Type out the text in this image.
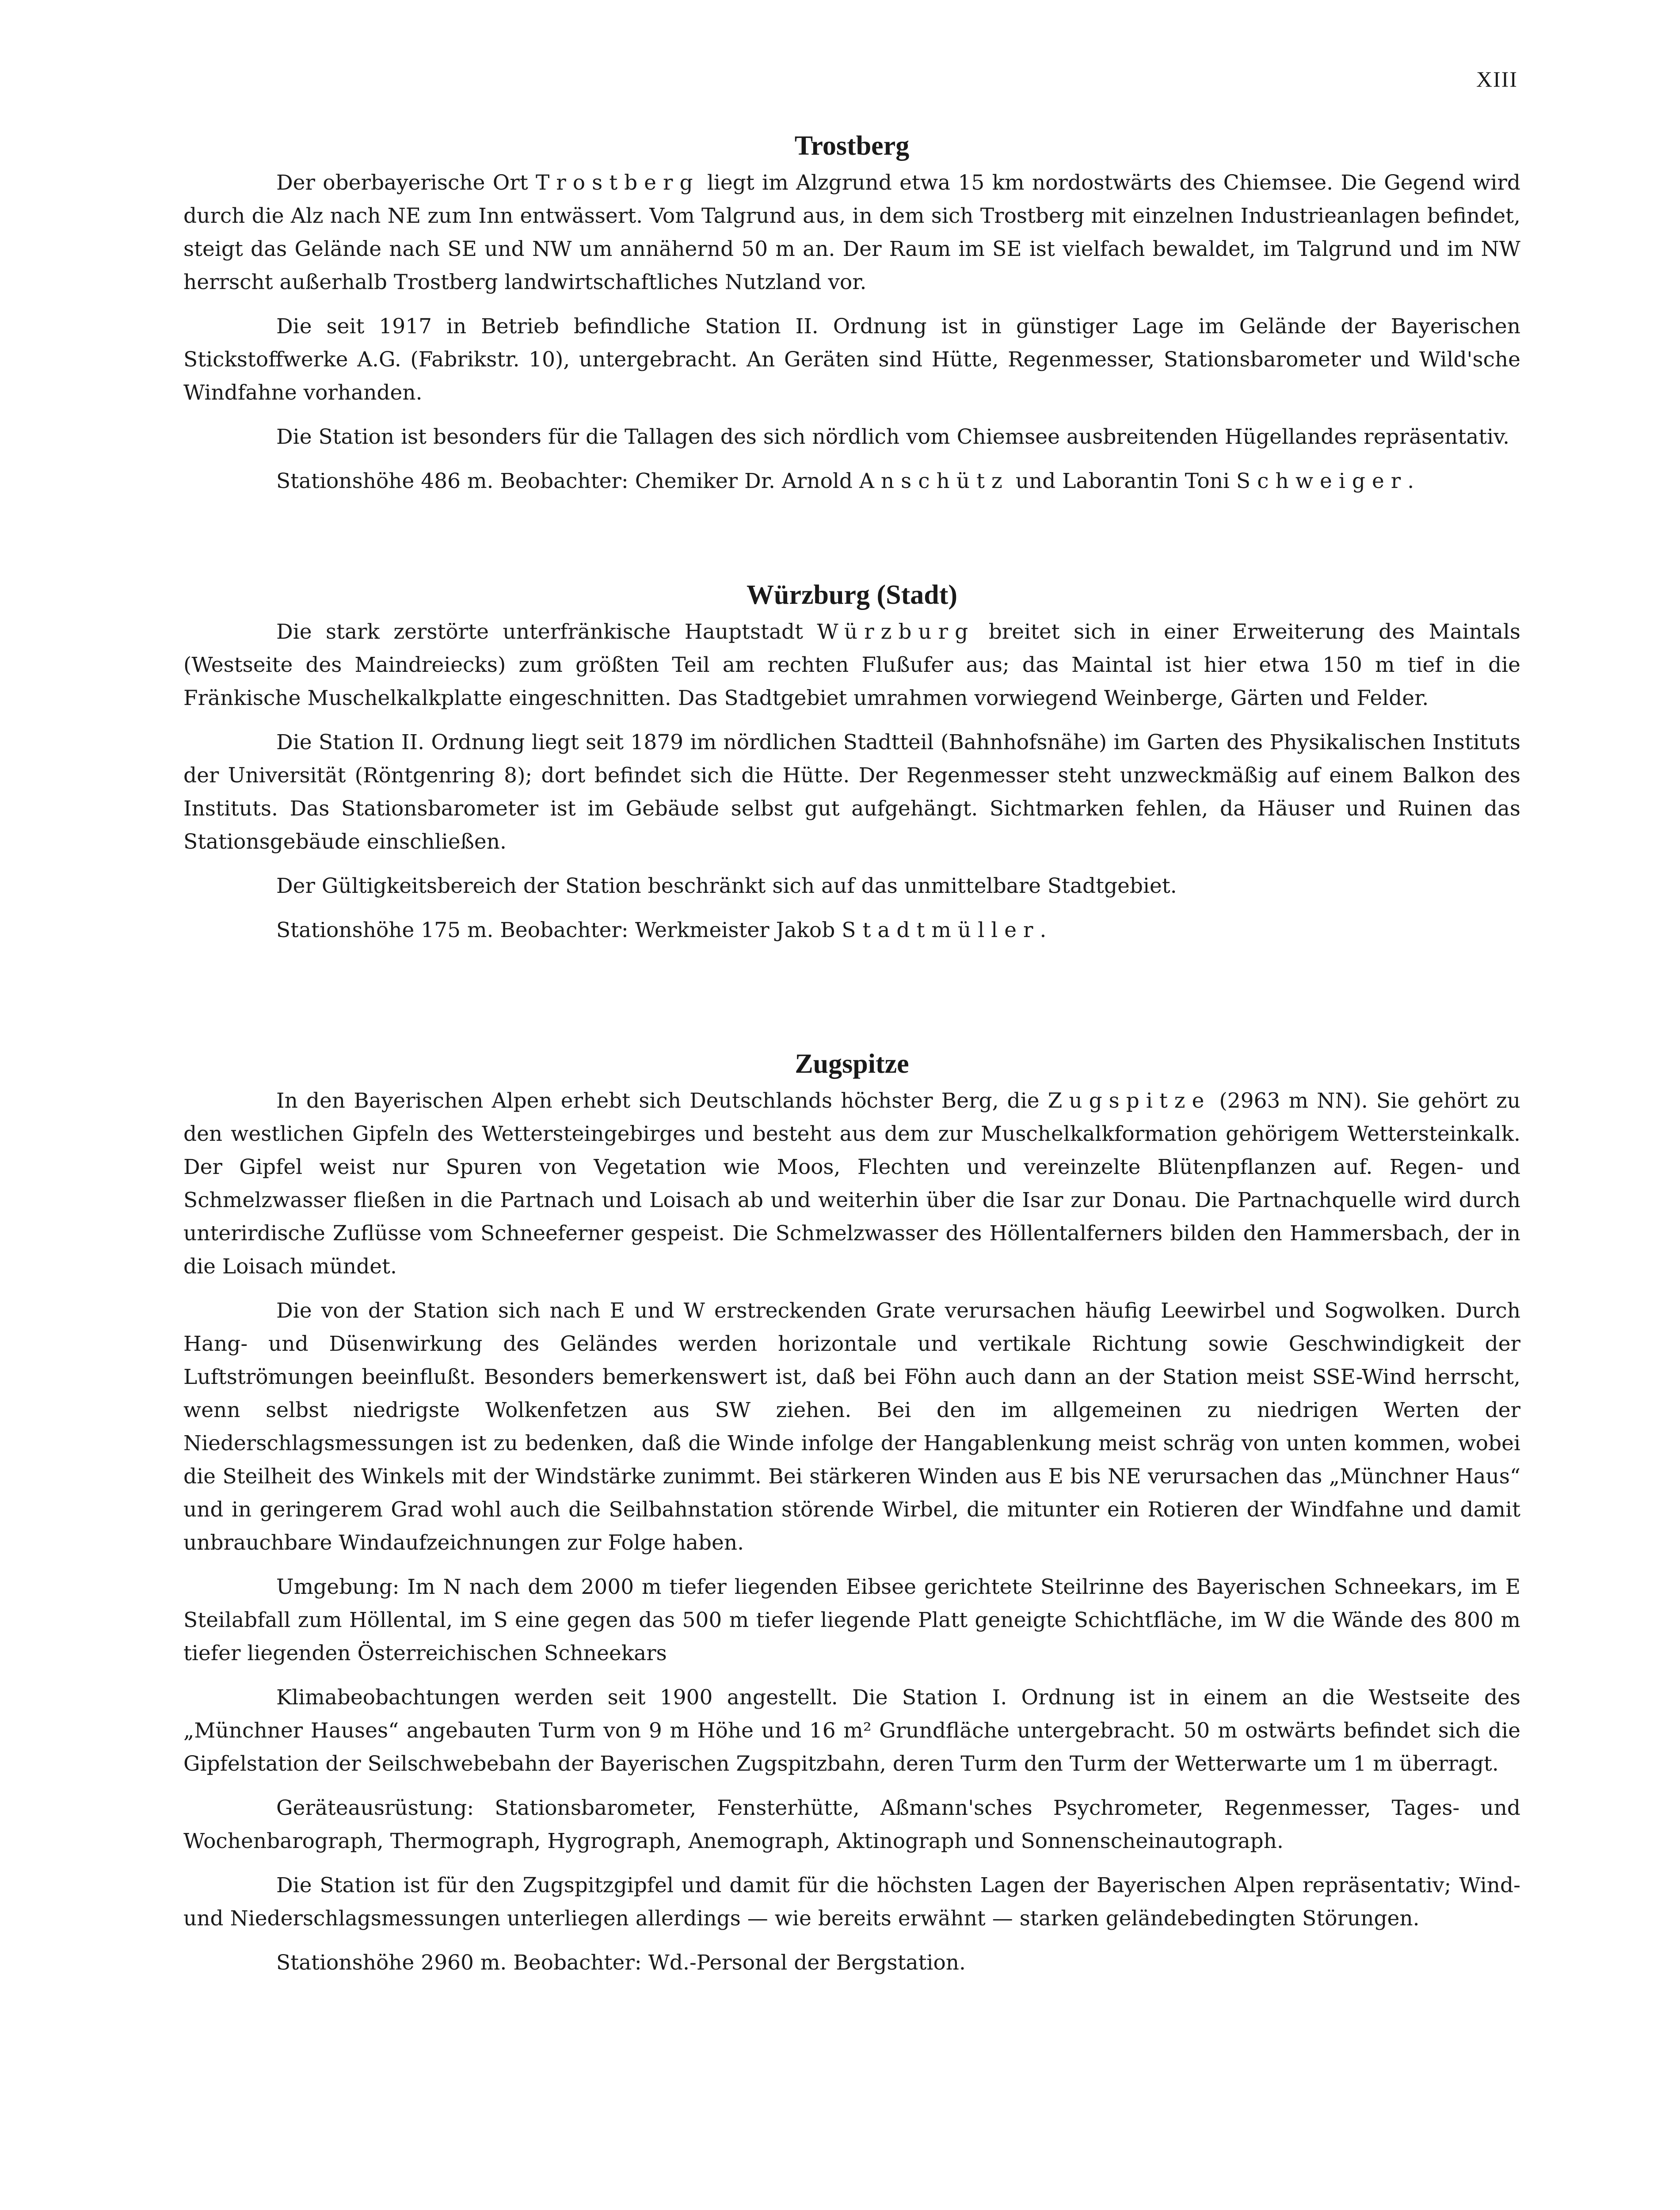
XIII
Trostberg

Der oberbayerische Ort Trostberg liegt im Alzgrund etwa 15 km nordostwärts des Chiemsee. Die Gegend wird durch die Alz nach NE zum Inn entwässert. Vom Talgrund aus, in dem sich Trostberg mit einzelnen Industrieanlagen befindet, steigt das Gelände nach SE und NW um annähernd 50 m an. Der Raum im SE ist vielfach bewaldet, im Talgrund und im NW herrscht außerhalb Trostberg landwirtschaftliches Nutzland vor.

Die seit 1917 in Betrieb befindliche Station II. Ordnung ist in günstiger Lage im Gelände der Bayerischen Stickstoffwerke A.G. (Fabrikstr. 10), untergebracht. An Geräten sind Hütte, Regenmesser, Stationsbarometer und Wild'sche Windfahne vorhanden.

Die Station ist besonders für die Tallagen des sich nördlich vom Chiemsee ausbreitenden Hügellandes repräsentativ.

Stationshöhe 486 m. Beobachter: Chemiker Dr. Arnold Anschütz und Laborantin Toni Schweiger.

Würzburg (Stadt)

Die stark zerstörte unterfränkische Hauptstadt Würzburg breitet sich in einer Erweiterung des Maintals (Westseite des Maindreiecks) zum größten Teil am rechten Flußufer aus; das Maintal ist hier etwa 150 m tief in die Fränkische Muschelkalkplatte eingeschnitten. Das Stadtgebiet umrahmen vorwiegend Weinberge, Gärten und Felder.

Die Station II. Ordnung liegt seit 1879 im nördlichen Stadtteil (Bahnhofsnähe) im Garten des Physikalischen Instituts der Universität (Röntgenring 8); dort befindet sich die Hütte. Der Regenmesser steht unzweckmäßig auf einem Balkon des Instituts. Das Stationsbarometer ist im Gebäude selbst gut aufgehängt. Sichtmarken fehlen, da Häuser und Ruinen das Stationsgebäude einschließen.

Der Gültigkeitsbereich der Station beschränkt sich auf das unmittelbare Stadtgebiet.

Stationshöhe 175 m. Beobachter: Werkmeister Jakob Stadtmüller.

Zugspitze

In den Bayerischen Alpen erhebt sich Deutschlands höchster Berg, die Zugspitze (2963 m NN). Sie gehört zu den westlichen Gipfeln des Wettersteingebirges und besteht aus dem zur Muschelkalkformation gehörigem Wettersteinkalk. Der Gipfel weist nur Spuren von Vegetation wie Moos, Flechten und vereinzelte Blütenpflanzen auf. Regen- und Schmelzwasser fließen in die Partnach und Loisach ab und weiterhin über die Isar zur Donau. Die Partnachquelle wird durch unterirdische Zuflüsse vom Schneeferner gespeist. Die Schmelzwasser des Höllentalferners bilden den Hammersbach, der in die Loisach mündet.

Die von der Station sich nach E und W erstreckenden Grate verursachen häufig Leewirbel und Sogwolken. Durch Hang- und Düsenwirkung des Geländes werden horizontale und vertikale Richtung sowie Geschwindigkeit der Luftströmungen beeinflußt. Besonders bemerkenswert ist, daß bei Föhn auch dann an der Station meist SSE-Wind herrscht, wenn selbst niedrigste Wolkenfetzen aus SW ziehen. Bei den im allgemeinen zu niedrigen Werten der Niederschlagsmessungen ist zu bedenken, daß die Winde infolge der Hangablenkung meist schräg von unten kommen, wobei die Steilheit des Winkels mit der Windstärke zunimmt. Bei stärkeren Winden aus E bis NE verursachen das „Münchner Haus“ und in geringerem Grad wohl auch die Seilbahnstation störende Wirbel, die mitunter ein Rotieren der Windfahne und damit unbrauchbare Windaufzeichnungen zur Folge haben.

Umgebung: Im N nach dem 2000 m tiefer liegenden Eibsee gerichtete Steilrinne des Bayerischen Schneekars, im E Steilabfall zum Höllental, im S eine gegen das 500 m tiefer liegende Platt geneigte Schichtfläche, im W die Wände des 800 m tiefer liegenden Österreichischen Schneekars

Klimabeobachtungen werden seit 1900 angestellt. Die Station I. Ordnung ist in einem an die Westseite des „Münchner Hauses“ angebauten Turm von 9 m Höhe und 16 m² Grundfläche untergebracht. 50 m ostwärts befindet sich die Gipfelstation der Seilschwebebahn der Bayerischen Zugspitzbahn, deren Turm den Turm der Wetterwarte um 1 m überragt.

Geräteausrüstung: Stationsbarometer, Fensterhütte, Aßmann'sches Psychrometer, Regenmesser, Tages- und Wochenbarograph, Thermograph, Hygrograph, Anemograph, Aktinograph und Sonnenscheinautograph.

Die Station ist für den Zugspitzgipfel und damit für die höchsten Lagen der Bayerischen Alpen repräsentativ; Wind- und Niederschlagsmessungen unterliegen allerdings — wie bereits erwähnt — starken geländebedingten Störungen.

Stationshöhe 2960 m. Beobachter: Wd.-Personal der Bergstation.
